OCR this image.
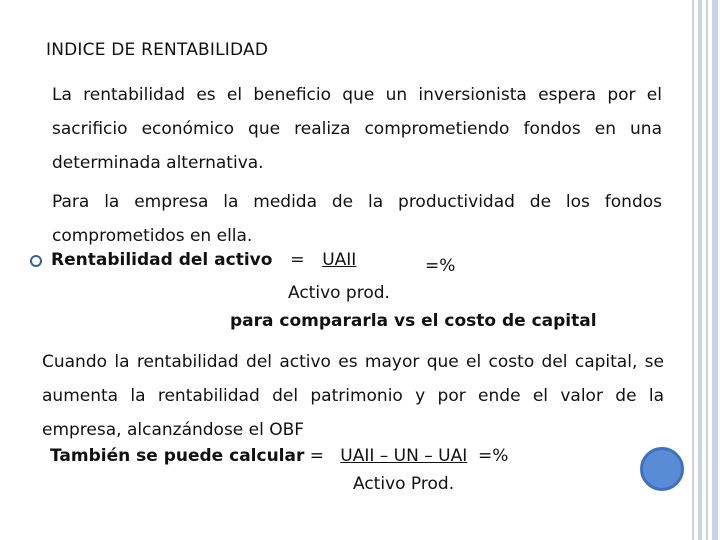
INDICE DE RENTABILIDAD
La rentabilidad es el beneficio que un inversionista espera por el sacrificio económico que realiza comprometiendo fondos en una determinada alternativa.
Para la empresa la medida de la productividad de los fondos comprometidos en ella.
Rentabilidad del activo = UAII	=%
Activo prod.
para compararla vs el costo de capital
Cuando la rentabilidad del activo es mayor que el costo del capital, se aumenta la rentabilidad del patrimonio y por ende el valor de la empresa, alcanzándose el OBF
También se puede calcular = UAII – UN – UAI =%
Activo Prod.
